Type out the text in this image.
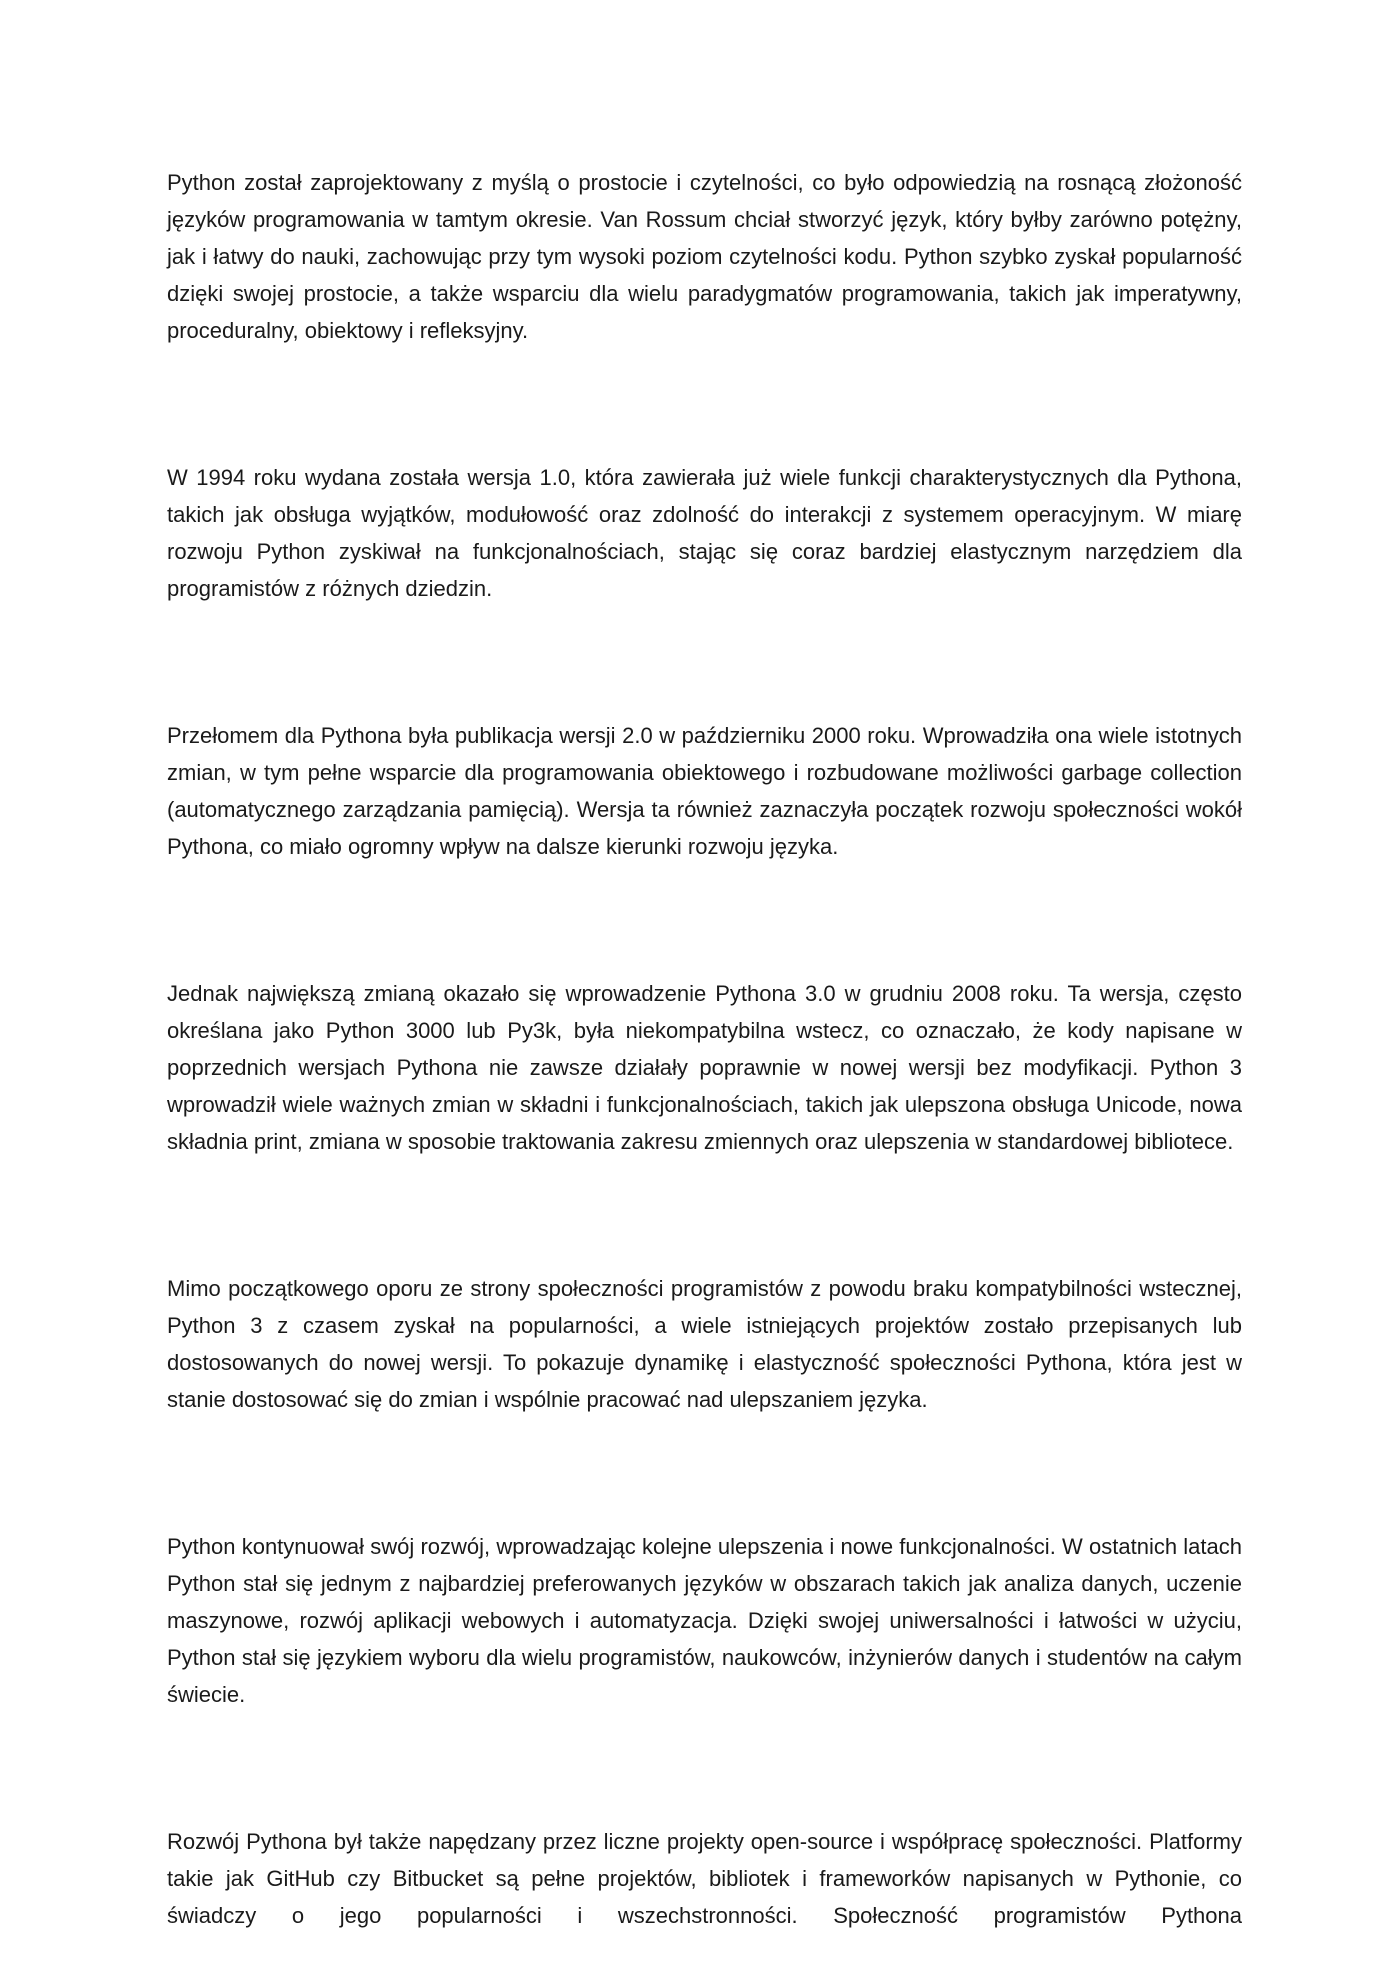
Python został zaprojektowany z myślą o prostocie i czytelności, co było odpowiedzią na rosnącą złożoność języków programowania w tamtym okresie. Van Rossum chciał stworzyć język, który byłby zarówno potężny, jak i łatwy do nauki, zachowując przy tym wysoki poziom czytelności kodu. Python szybko zyskał popularność dzięki swojej prostocie, a także wsparciu dla wielu paradygmatów programowania, takich jak imperatywny, proceduralny, obiektowy i refleksyjny.

W 1994 roku wydana została wersja 1.0, która zawierała już wiele funkcji charakterystycznych dla Pythona, takich jak obsługa wyjątków, modułowość oraz zdolność do interakcji z systemem operacyjnym. W miarę rozwoju Python zyskiwał na funkcjonalnościach, stając się coraz bardziej elastycznym narzędziem dla programistów z różnych dziedzin.

Przełomem dla Pythona była publikacja wersji 2.0 w październiku 2000 roku. Wprowadziła ona wiele istotnych zmian, w tym pełne wsparcie dla programowania obiektowego i rozbudowane możliwości garbage collection (automatycznego zarządzania pamięcią). Wersja ta również zaznaczyła początek rozwoju społeczności wokół Pythona, co miało ogromny wpływ na dalsze kierunki rozwoju języka.

Jednak największą zmianą okazało się wprowadzenie Pythona 3.0 w grudniu 2008 roku. Ta wersja, często określana jako Python 3000 lub Py3k, była niekompatybilna wstecz, co oznaczało, że kody napisane w poprzednich wersjach Pythona nie zawsze działały poprawnie w nowej wersji bez modyfikacji. Python 3 wprowadził wiele ważnych zmian w składni i funkcjonalnościach, takich jak ulepszona obsługa Unicode, nowa składnia print, zmiana w sposobie traktowania zakresu zmiennych oraz ulepszenia w standardowej bibliotece.

Mimo początkowego oporu ze strony społeczności programistów z powodu braku kompatybilności wstecznej, Python 3 z czasem zyskał na popularności, a wiele istniejących projektów zostało przepisanych lub dostosowanych do nowej wersji. To pokazuje dynamikę i elastyczność społeczności Pythona, która jest w stanie dostosować się do zmian i wspólnie pracować nad ulepszaniem języka.

Python kontynuował swój rozwój, wprowadzając kolejne ulepszenia i nowe funkcjonalności. W ostatnich latach Python stał się jednym z najbardziej preferowanych języków w obszarach takich jak analiza danych, uczenie maszynowe, rozwój aplikacji webowych i automatyzacja. Dzięki swojej uniwersalności i łatwości w użyciu, Python stał się językiem wyboru dla wielu programistów, naukowców, inżynierów danych i studentów na całym świecie.

Rozwój Pythona był także napędzany przez liczne projekty open-source i współpracę społeczności. Platformy takie jak GitHub czy Bitbucket są pełne projektów, bibliotek i frameworków napisanych w Pythonie, co świadczy o jego popularności i wszechstronności. Społeczność programistów Pythona
